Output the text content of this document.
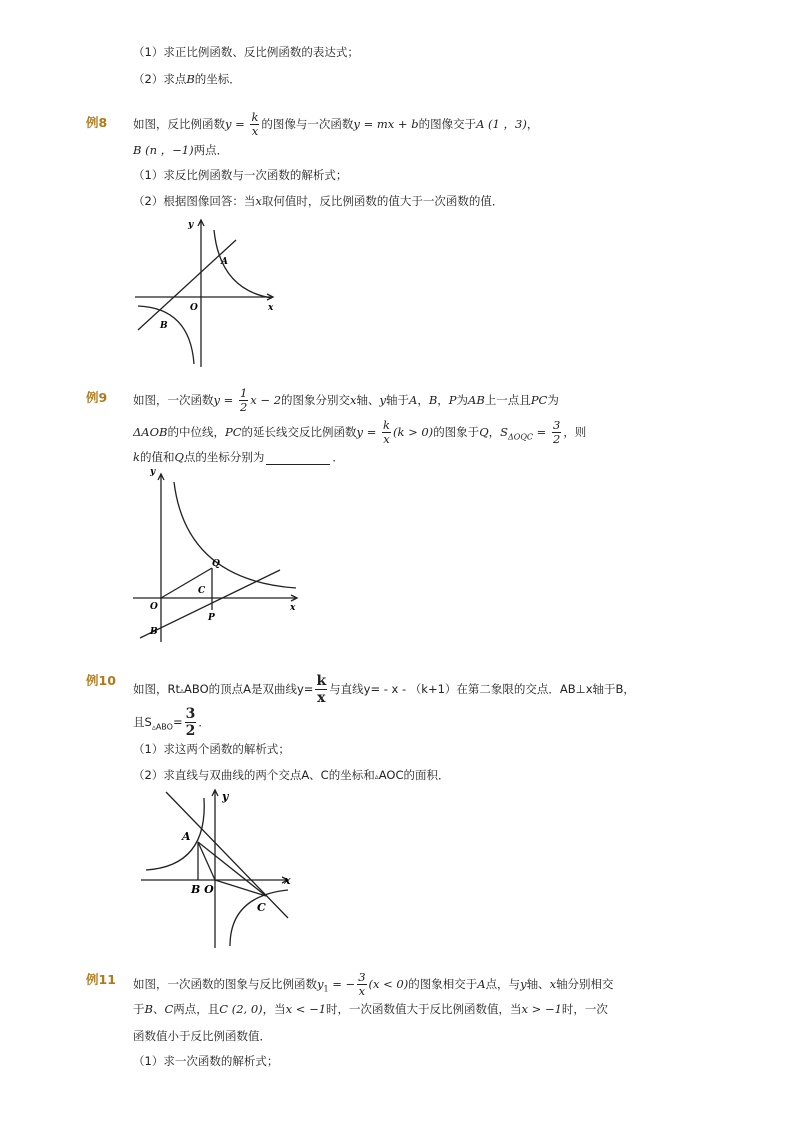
（1）求正比例函数、反比例函数的表达式；
（2）求点B的坐标．
例8 如图，反比例函数$y = \frac{k}{x}$ 的图像与一次函数y = mx + b的图像交于A (1 ，3)，
B (n ，−1)两点．
（1）求反比例函数与一次函数的解析式；
（2）根据图像回答：当x取何值时，反比例函数的值大于一次函数的值．
y
x
O
A
B
例9 如图，一次函数$y = \frac{1}{2}$ x − 2的图象分别交x轴、y轴于A，B，P为AB上一点且PC为
ΔAOB的中位线，PC的延长线交反比例函数$y = \frac{k}{x} (k > 0)$的图象于Q，$S_{\Delta OQC} = \frac{3}{2}$ ，则
k的值和Q点的坐标分别为	．
y
x
O
Q
C
P
B
例10
如图，Rt▵ABO的顶点A是双曲线$y= \frac{k}{x}$ 与直线y= - x - （k+1）在第二象限的交点．AB⊥x轴于B，
且$S_{▵ABO}= \frac{3}{2}$ ．
（1）求这两个函数的解析式；
（2）求直线与双曲线的两个交点A、C的坐标和▵AOC的面积．
y
x
A
B O
C
例11 如图，一次函数的图象与反比例函数$y_1$ = − $\frac{3}{x} (x < 0)$的图象相交于A点，与y轴、x轴分别相交
于B、C两点，且C (2, 0)，当x < −1时，一次函数值大于反比例函数值，当x > −1时，一次
函数值小于反比例函数值．
（1）求一次函数的解析式；
